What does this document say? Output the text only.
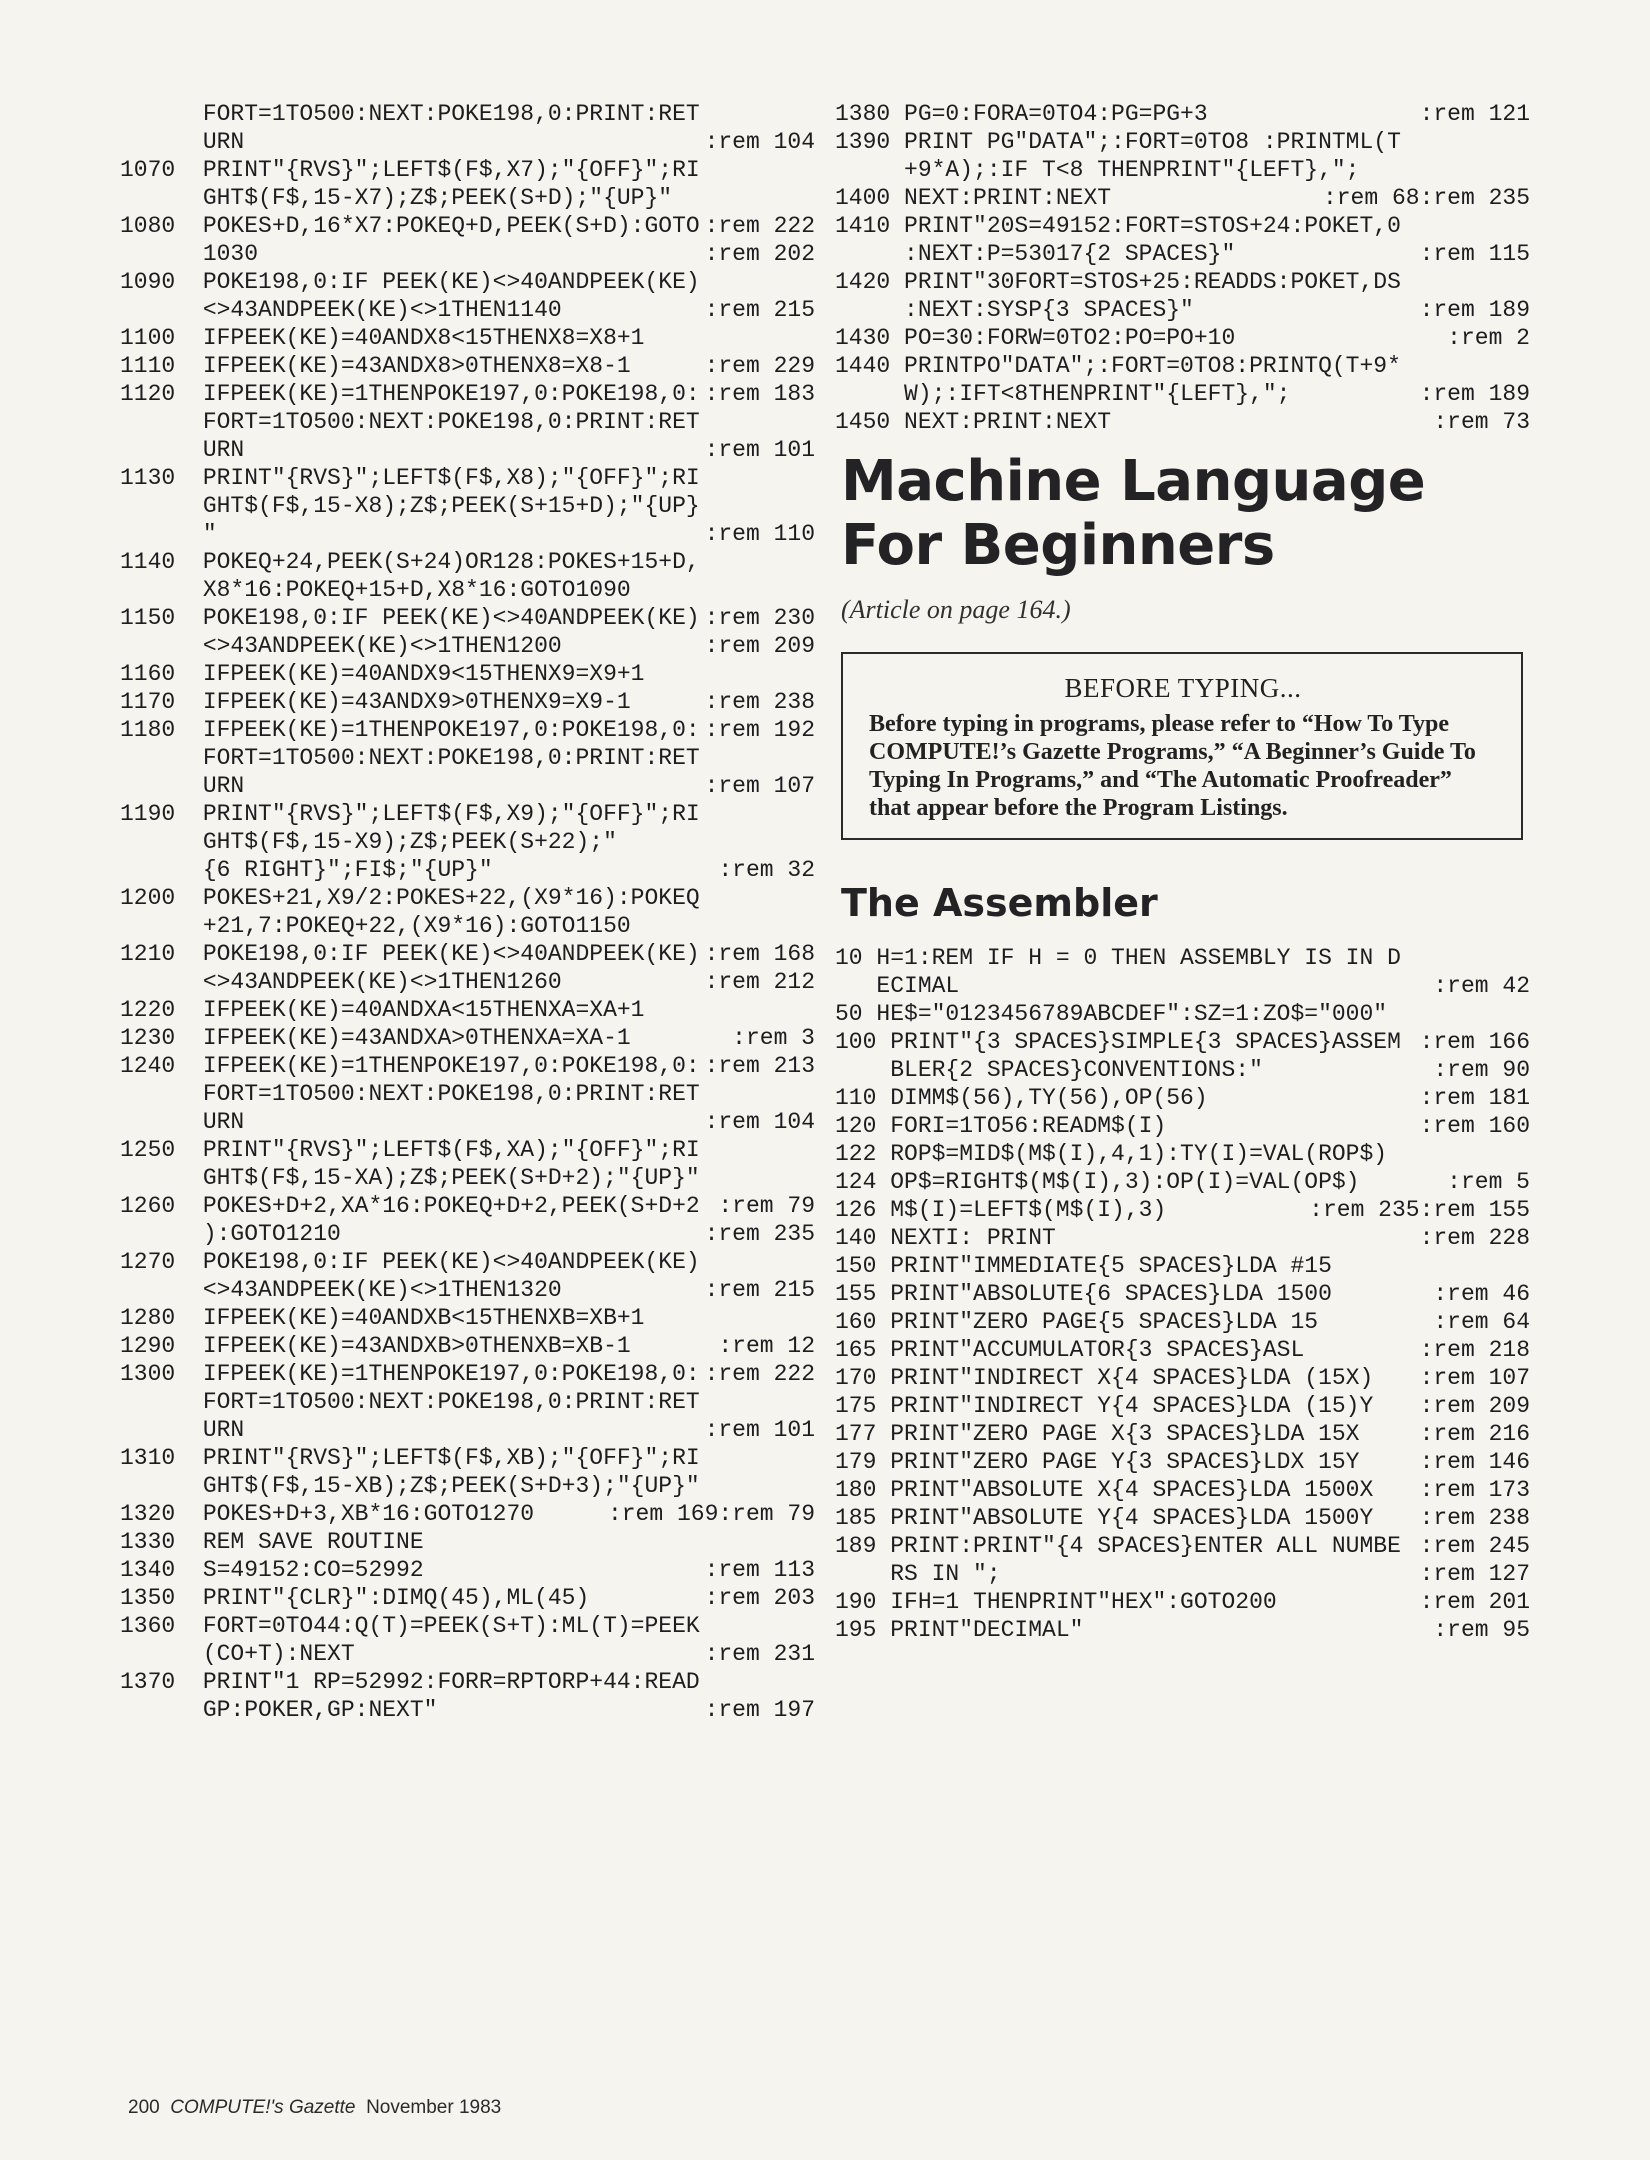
FORT=1TO500:NEXT:POKE198,0:PRINT:RET
:rem 104
URN
1070  PRINT"{RVS}";LEFT$(F$,X7);"{OFF}";RI
GHT$(F$,15-X7);Z$;PEEK(S+D);"{UP}"
:rem 222
1080  POKES+D,16*X7:POKEQ+D,PEEK(S+D):GOTO
:rem 202
1030
1090  POKE198,0:IF PEEK(KE)<>40ANDPEEK(KE)
:rem 215
<>43ANDPEEK(KE)<>1THEN1140
1100  IFPEEK(KE)=40ANDX8<15THENX8=X8+1
:rem 229
1110  IFPEEK(KE)=43ANDX8>0THENX8=X8-1
:rem 183
1120  IFPEEK(KE)=1THENPOKE197,0:POKE198,0:
FORT=1TO500:NEXT:POKE198,0:PRINT:RET
:rem 101
URN
1130  PRINT"{RVS}";LEFT$(F$,X8);"{OFF}";RI
GHT$(F$,15-X8);Z$;PEEK(S+15+D);"{UP}
:rem 110
"
1140  POKEQ+24,PEEK(S+24)OR128:POKES+15+D,
X8*16:POKEQ+15+D,X8*16:GOTO1090
:rem 230
1150  POKE198,0:IF PEEK(KE)<>40ANDPEEK(KE)
:rem 209
<>43ANDPEEK(KE)<>1THEN1200
1160  IFPEEK(KE)=40ANDX9<15THENX9=X9+1
:rem 238
1170  IFPEEK(KE)=43ANDX9>0THENX9=X9-1
:rem 192
1180  IFPEEK(KE)=1THENPOKE197,0:POKE198,0:
FORT=1TO500:NEXT:POKE198,0:PRINT:RET
:rem 107
URN
1190  PRINT"{RVS}";LEFT$(F$,X9);"{OFF}";RI
GHT$(F$,15-X9);Z$;PEEK(S+22);"
:rem 32
{6 RIGHT}";FI$;"{UP}"
1200  POKES+21,X9/2:POKES+22,(X9*16):POKEQ
+21,7:POKEQ+22,(X9*16):GOTO1150
:rem 168
1210  POKE198,0:IF PEEK(KE)<>40ANDPEEK(KE)
:rem 212
<>43ANDPEEK(KE)<>1THEN1260
1220  IFPEEK(KE)=40ANDXA<15THENXA=XA+1
:rem 3
1230  IFPEEK(KE)=43ANDXA>0THENXA=XA-1
:rem 213
1240  IFPEEK(KE)=1THENPOKE197,0:POKE198,0:
FORT=1TO500:NEXT:POKE198,0:PRINT:RET
:rem 104
URN
1250  PRINT"{RVS}";LEFT$(F$,XA);"{OFF}";RI
GHT$(F$,15-XA);Z$;PEEK(S+D+2);"{UP}"
:rem 79
1260  POKES+D+2,XA*16:POKEQ+D+2,PEEK(S+D+2
:rem 235
):GOTO1210
1270  POKE198,0:IF PEEK(KE)<>40ANDPEEK(KE)
:rem 215
<>43ANDPEEK(KE)<>1THEN1320
1280  IFPEEK(KE)=40ANDXB<15THENXB=XB+1
:rem 12
1290  IFPEEK(KE)=43ANDXB>0THENXB=XB-1
:rem 222
1300  IFPEEK(KE)=1THENPOKE197,0:POKE198,0:
FORT=1TO500:NEXT:POKE198,0:PRINT:RET
:rem 101
URN
1310  PRINT"{RVS}";LEFT$(F$,XB);"{OFF}";RI
GHT$(F$,15-XB);Z$;PEEK(S+D+3);"{UP}"
:rem 79
:rem 169
1320  POKES+D+3,XB*16:GOTO1270
1330  REM SAVE ROUTINE
:rem 113
1340  S=49152:CO=52992
:rem 203
1350  PRINT"{CLR}":DIMQ(45),ML(45)
1360  FORT=0TO44:Q(T)=PEEK(S+T):ML(T)=PEEK
:rem 231
(CO+T):NEXT
1370  PRINT"1 RP=52992:FORR=RPTORP+44:READ
:rem 197
GP:POKER,GP:NEXT"
:rem 121
1380 PG=0:FORA=0TO4:PG=PG+3
1390 PRINT PG"DATA";:FORT=0TO8 :PRINTML(T
+9*A);:IF T<8 THENPRINT"{LEFT},";
:rem 235
:rem 68
1400 NEXT:PRINT:NEXT
1410 PRINT"20S=49152:FORT=STOS+24:POKET,0
:rem 115
:NEXT:P=53017{2 SPACES}"
1420 PRINT"30FORT=STOS+25:READDS:POKET,DS
:rem 189
:NEXT:SYSP{3 SPACES}"
:rem 2
1430 PO=30:FORW=0TO2:PO=PO+10
1440 PRINTPO"DATA";:FORT=0TO8:PRINTQ(T+9*
:rem 189
W);:IFT<8THENPRINT"{LEFT},";
:rem 73
1450 NEXT:PRINT:NEXT
Machine Language
For Beginners
(Article on page 164.)
BEFORE TYPING...
Before typing in programs, please refer to “How To Type COMPUTE!’s Gazette Programs,” “A Beginner’s Guide To Typing In Programs,” and “The Automatic Proofreader” that appear before the Program Listings.
The Assembler
10 H=1:REM IF H = 0 THEN ASSEMBLY IS IN D
:rem 42
ECIMAL
50 HE$="0123456789ABCDEF":SZ=1:ZO$="000"
:rem 166
100 PRINT"{3 SPACES}SIMPLE{3 SPACES}ASSEM
:rem 90
BLER{2 SPACES}CONVENTIONS:"
:rem 181
110 DIMM$(56),TY(56),OP(56)
:rem 160
120 FORI=1TO56:READM$(I)
122 ROP$=MID$(M$(I),4,1):TY(I)=VAL(ROP$)
:rem 5
124 OP$=RIGHT$(M$(I),3):OP(I)=VAL(OP$)
:rem 155
:rem 235
126 M$(I)=LEFT$(M$(I),3)
:rem 228
140 NEXTI: PRINT
150 PRINT"IMMEDIATE{5 SPACES}LDA #15
:rem 46
155 PRINT"ABSOLUTE{6 SPACES}LDA 1500
:rem 64
160 PRINT"ZERO PAGE{5 SPACES}LDA 15
:rem 218
165 PRINT"ACCUMULATOR{3 SPACES}ASL
:rem 107
170 PRINT"INDIRECT X{4 SPACES}LDA (15X)
:rem 209
175 PRINT"INDIRECT Y{4 SPACES}LDA (15)Y
:rem 216
177 PRINT"ZERO PAGE X{3 SPACES}LDA 15X
:rem 146
179 PRINT"ZERO PAGE Y{3 SPACES}LDX 15Y
:rem 173
180 PRINT"ABSOLUTE X{4 SPACES}LDA 1500X
:rem 238
185 PRINT"ABSOLUTE Y{4 SPACES}LDA 1500Y
:rem 245
189 PRINT:PRINT"{4 SPACES}ENTER ALL NUMBE
:rem 127
RS IN ";
:rem 201
190 IFH=1 THENPRINT"HEX":GOTO200
:rem 95
195 PRINT"DECIMAL"
200 COMPUTE!'s Gazette November 1983
